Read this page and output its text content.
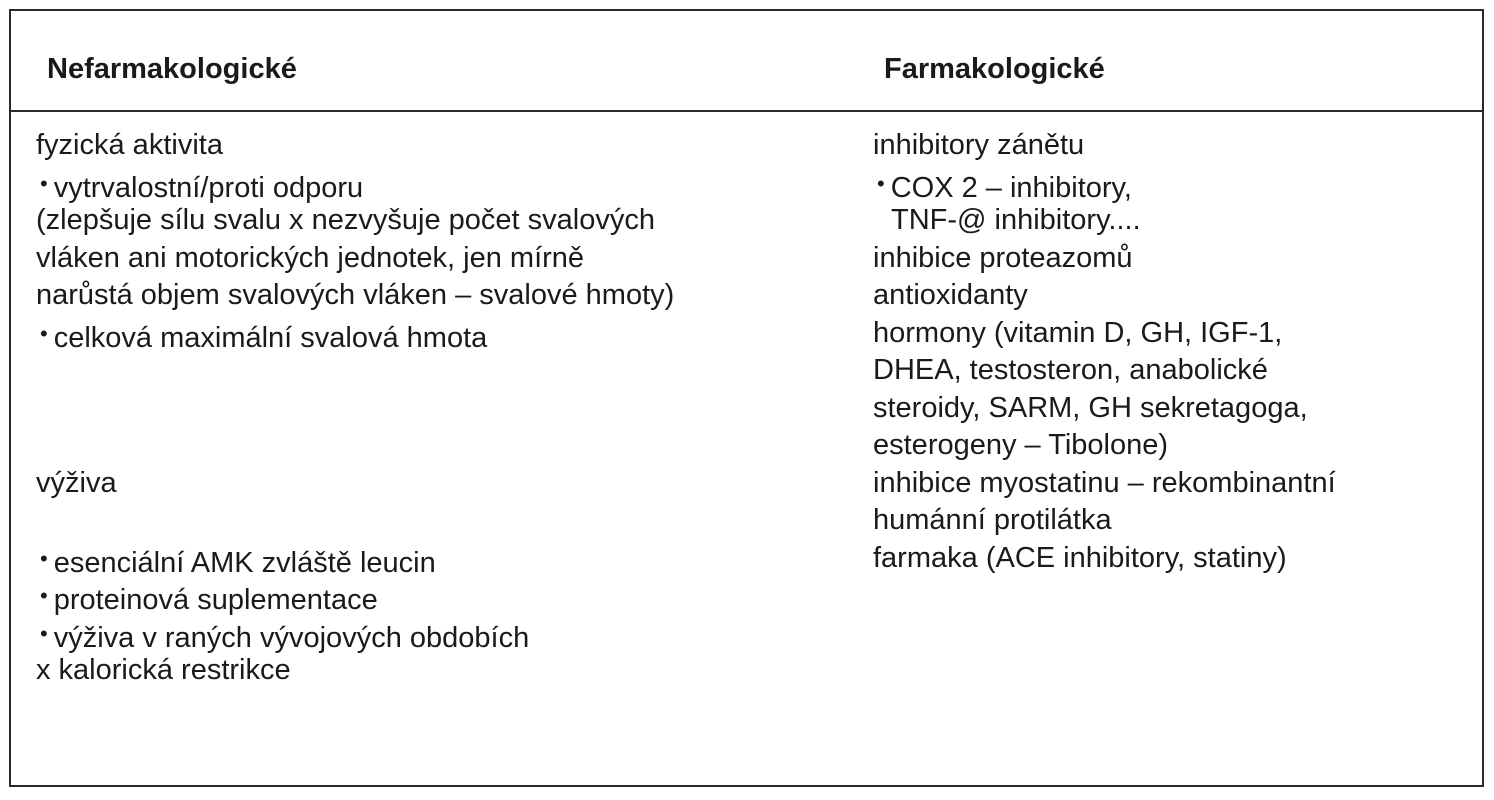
Nefarmakologické	Farmakologické
fyzická aktivita
• vytrvalostní/proti odporu
(zlepšuje sílu svalu x nezvyšuje počet svalových
vláken ani motorických jednotek, jen mírně
narůstá objem svalových vláken – svalové hmoty)
• celková maximální svalová hmota
výživa
• esenciální AMK zvláště leucin
• proteinová suplementace
• výživa v raných vývojových obdobích
x kalorická restrikce
inhibitory zánětu
• COX 2 – inhibitory,
TNF-@ inhibitory....
inhibice proteazomů
antioxidanty
hormony (vitamin D, GH, IGF-1,
DHEA, testosteron, anabolické
steroidy, SARM, GH sekretagoga,
esterogeny – Tibolone)
inhibice myostatinu – rekombinantní
humánní protilátka
farmaka (ACE inhibitory, statiny)
